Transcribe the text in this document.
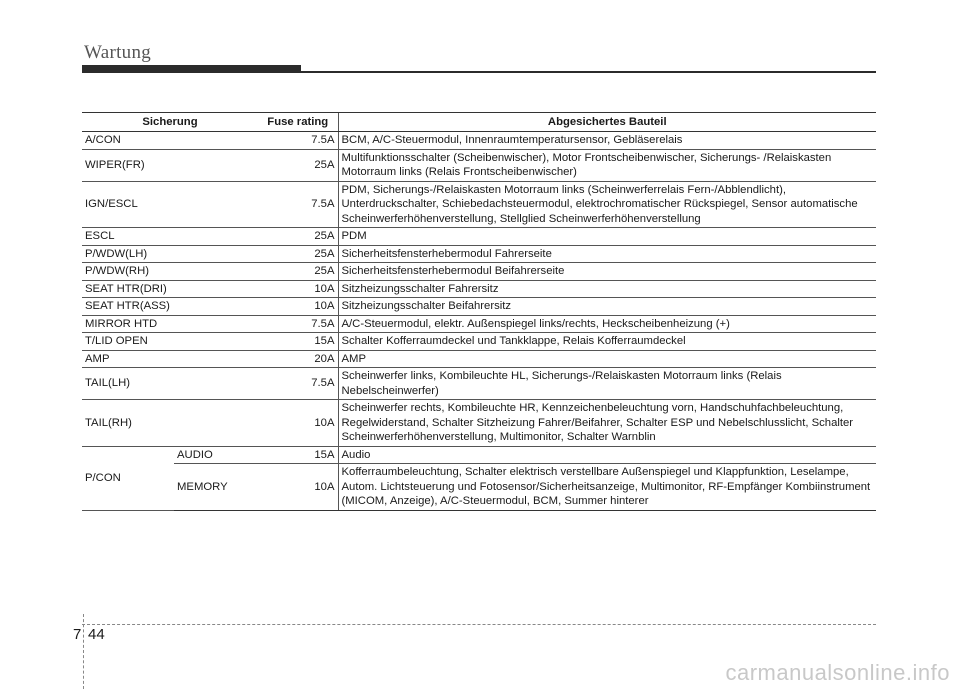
Wartung
Sicherung		Fuse rating	Abgesichertes Bauteil
A/CON		7.5A	BCM, A/C-Steuermodul, Innenraumtemperatursensor, Gebläserelais
WIPER(FR)		25A	Multifunktionsschalter (Scheibenwischer), Motor Frontscheibenwischer, Sicherungs- /Relaiskasten Motorraum links (Relais Frontscheibenwischer)
IGN/ESCL		7.5A	PDM, Sicherungs-/Relaiskasten Motorraum links (Scheinwerferrelais Fern-/Abblendlicht), Unterdruckschalter, Schiebedachsteuermodul, elektrochromatischer Rückspiegel, Sensor automatische Scheinwerferhöhenverstellung, Stellglied Scheinwerferhöhenverstellung
ESCL		25A	PDM
P/WDW(LH)		25A	Sicherheitsfensterhebermodul Fahrerseite
P/WDW(RH)		25A	Sicherheitsfensterhebermodul Beifahrerseite
SEAT HTR(DRI)		10A	Sitzheizungsschalter Fahrersitz
SEAT HTR(ASS)		10A	Sitzheizungsschalter Beifahrersitz
MIRROR HTD		7.5A	A/C-Steuermodul, elektr. Außenspiegel links/rechts, Heckscheibenheizung (+)
T/LID OPEN		15A	Schalter Kofferraumdeckel und Tankklappe, Relais Kofferraumdeckel
AMP		20A	AMP
TAIL(LH)		7.5A	Scheinwerfer links, Kombileuchte HL, Sicherungs-/Relaiskasten Motorraum links (Relais Nebelscheinwerfer)
TAIL(RH)		10A	Scheinwerfer rechts, Kombileuchte HR, Kennzeichenbeleuchtung vorn, Handschuhfachbeleuchtung, Regelwiderstand, Schalter Sitzheizung Fahrer/Beifahrer, Schalter ESP und Nebelschlusslicht, Schalter Scheinwerferhöhenverstellung, Multimonitor, Schalter Warnblin
P/CON	AUDIO	15A	Audio
	MEMORY	10A	Kofferraumbeleuchtung, Schalter elektrisch verstellbare Außenspiegel und Klappfunktion, Leselampe, Autom. Lichtsteuerung und Fotosensor/Sicherheitsanzeige, Multimonitor, RF-Empfänger Kombiinstrument (MICOM, Anzeige), A/C-Steuermodul, BCM, Summer hinterer
7 44
carmanualsonline.info
